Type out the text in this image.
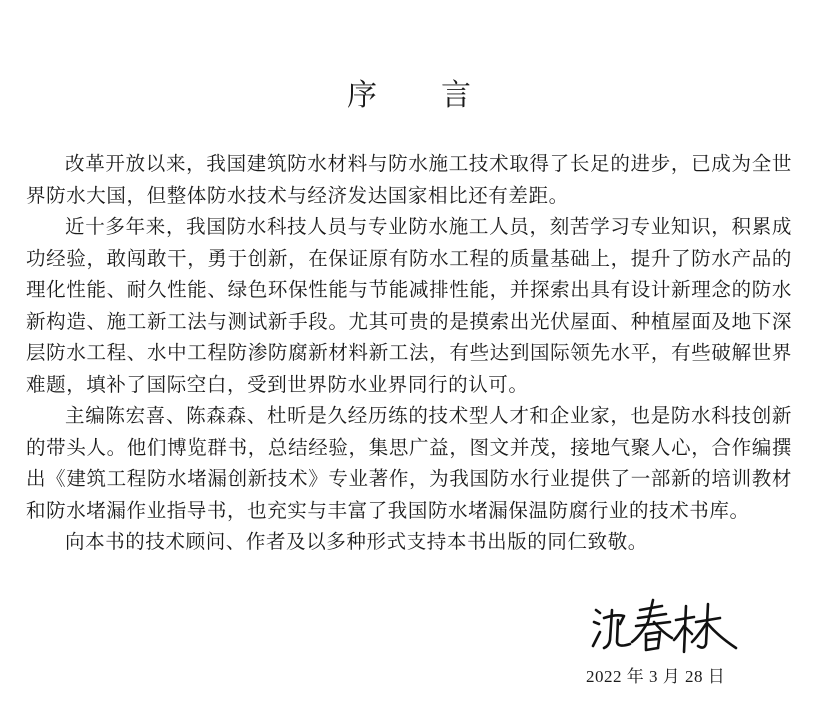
序 言

改革开放以来，我国建筑防水材料与防水施工技术取得了长足的进步，已成为全世界防水大国，但整体防水技术与经济发达国家相比还有差距。

近十多年来，我国防水科技人员与专业防水施工人员，刻苦学习专业知识，积累成功经验，敢闯敢干，勇于创新，在保证原有防水工程的质量基础上，提升了防水产品的理化性能、耐久性能、绿色环保性能与节能减排性能，并探索出具有设计新理念的防水新构造、施工新工法与测试新手段。尤其可贵的是摸索出光伏屋面、种植屋面及地下深层防水工程、水中工程防渗防腐新材料新工法，有些达到国际领先水平，有些破解世界难题，填补了国际空白，受到世界防水业界同行的认可。

主编陈宏喜、陈森森、杜昕是久经历练的技术型人才和企业家，也是防水科技创新的带头人。他们博览群书，总结经验，集思广益，图文并茂，接地气聚人心，合作编撰出《建筑工程防水堵漏创新技术》专业著作，为我国防水行业提供了一部新的培训教材和防水堵漏作业指导书，也充实与丰富了我国防水堵漏保温防腐行业的技术书库。

向本书的技术顾问、作者及以多种形式支持本书出版的同仁致敬。

2022 年 3 月 28 日
